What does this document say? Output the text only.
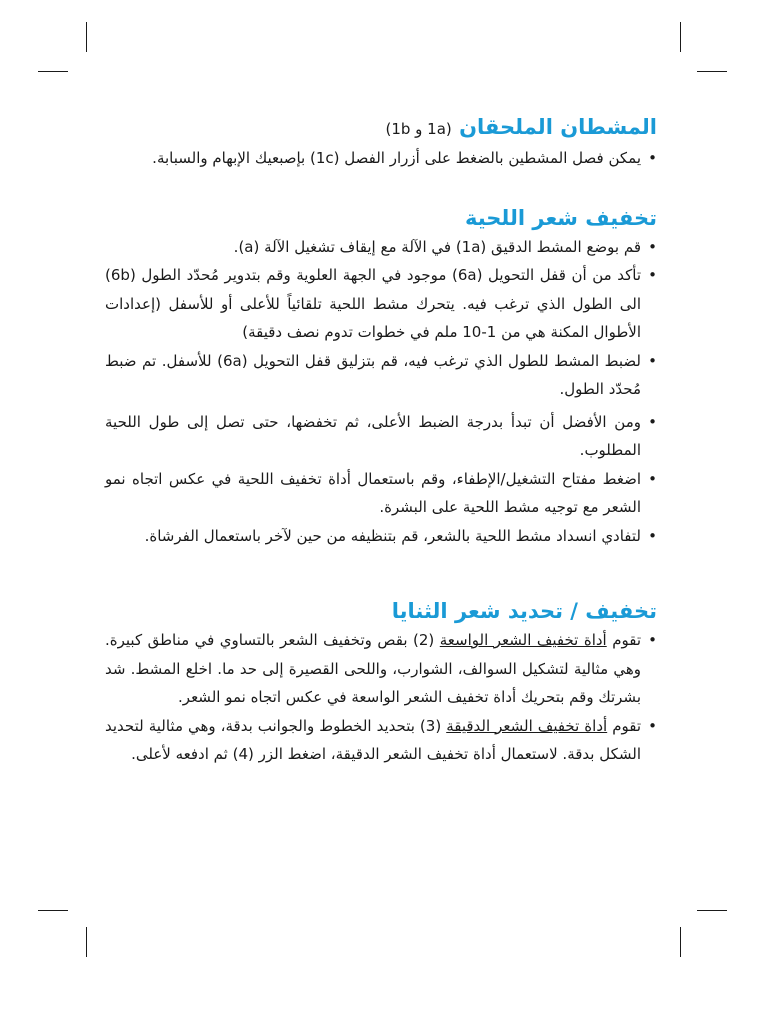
المشطان الملحقان (1a و 1b)
• يمكن فصل المشطين بالضغط على أزرار الفصل (1c) بإصبعيك الإبهام والسبابة.
تخفيف شعر اللحية
• قم بوضع المشط الدقيق (1a) في الآلة مع إيقاف تشغيل الآلة (a).
• تأكد من أن قفل التحويل (6a) موجود في الجهة العلوية وقم بتدوير مُحدّد الطول (6b) الى الطول الذي ترغب فيه. يتحرك مشط اللحية تلقائياً للأعلى أو للأسفل (إعدادات الأطوال المكنة هي من 1-10 ملم في خطوات تدوم نصف دقيقة)
• لضبط المشط للطول الذي ترغب فيه، قم بتزليق قفل التحويل (6a) للأسفل. تم ضبط مُحدّد الطول.
• ومن الأفضل أن تبدأ بدرجة الضبط الأعلى، ثم تخفضها، حتى تصل إلى طول اللحية المطلوب.
• اضغط مفتاح التشغيل/الإطفاء، وقم باستعمال أداة تخفيف اللحية في عكس اتجاه نمو الشعر مع توجيه مشط اللحية على البشرة.
• لتفادي انسداد مشط اللحية بالشعر، قم بتنظيفه من حين لآخر باستعمال الفرشاة.
تخفيف / تحديد شعر الثنايا
• تقوم أداة تخفيف الشعر الواسعة (2) بقص وتخفيف الشعر بالتساوي في مناطق كبيرة. وهي مثالية لتشكيل السوالف، الشوارب، واللحى القصيرة إلى حد ما. اخلع المشط. شد بشرتك وقم بتحريك أداة تخفيف الشعر الواسعة في عكس اتجاه نمو الشعر.
• تقوم أداة تخفيف الشعر الدقيقة (3) بتحديد الخطوط والجوانب بدقة، وهي مثالية لتحديد الشكل بدقة. لاستعمال أداة تخفيف الشعر الدقيقة، اضغط الزر (4) ثم ادفعه لأعلى.
